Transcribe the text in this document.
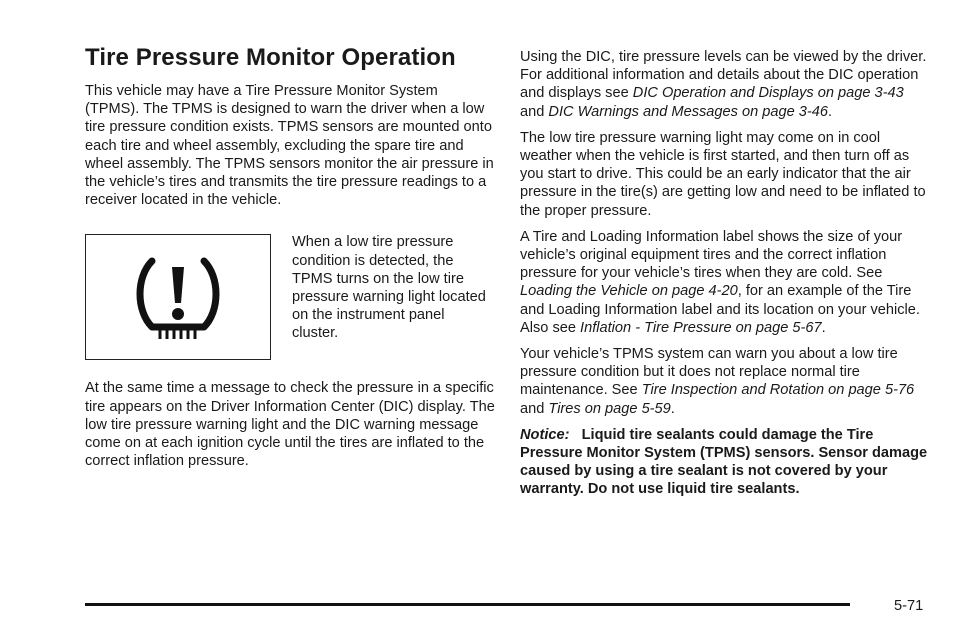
Tire Pressure Monitor Operation

This vehicle may have a Tire Pressure Monitor System (TPMS). The TPMS is designed to warn the driver when a low tire pressure condition exists. TPMS sensors are mounted onto each tire and wheel assembly, excluding the spare tire and wheel assembly. The TPMS sensors monitor the air pressure in the vehicle’s tires and transmits the tire pressure readings to a receiver located in the vehicle.

When a low tire pressure condition is detected, the TPMS turns on the low tire pressure warning light located on the instrument panel cluster.

At the same time a message to check the pressure in a specific tire appears on the Driver Information Center (DIC) display. The low tire pressure warning light and the DIC warning message come on at each ignition cycle until the tires are inflated to the correct inflation pressure.

Using the DIC, tire pressure levels can be viewed by the driver. For additional information and details about the DIC operation and displays see DIC Operation and Displays on page 3-43 and DIC Warnings and Messages on page 3-46.

The low tire pressure warning light may come on in cool weather when the vehicle is first started, and then turn off as you start to drive. This could be an early indicator that the air pressure in the tire(s) are getting low and need to be inflated to the proper pressure.

A Tire and Loading Information label shows the size of your vehicle’s original equipment tires and the correct inflation pressure for your vehicle’s tires when they are cold. See Loading the Vehicle on page 4-20, for an example of the Tire and Loading Information label and its location on your vehicle. Also see Inflation - Tire Pressure on page 5-67.

Your vehicle’s TPMS system can warn you about a low tire pressure condition but it does not replace normal tire maintenance. See Tire Inspection and Rotation on page 5-76 and Tires on page 5-59.

Notice: Liquid tire sealants could damage the Tire Pressure Monitor System (TPMS) sensors. Sensor damage caused by using a tire sealant is not covered by your warranty. Do not use liquid tire sealants.

5-71
